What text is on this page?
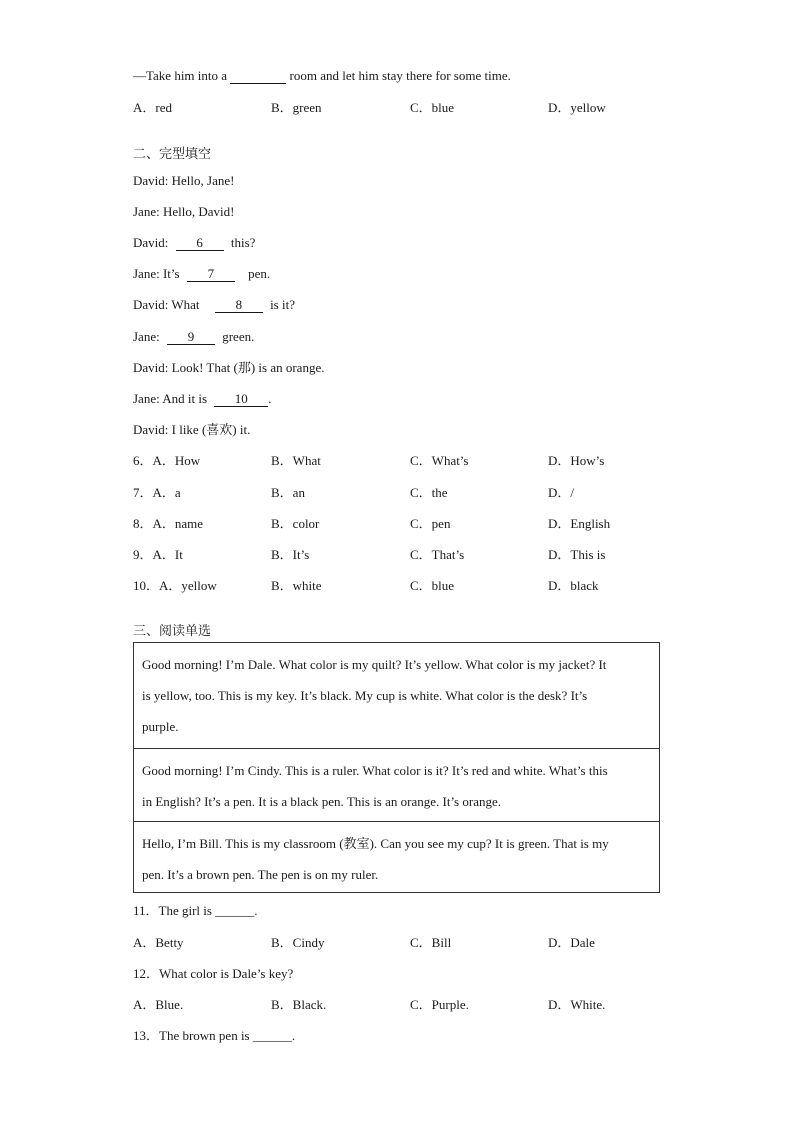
—Take him into a	room and let him stay there for some time.
A．red	B．green	C．blue	D．yellow
二、完型填空
David: Hello, Jane!
Jane: Hello, David!
David: 6 this?
Jane: It’s 7	pen.
David: What	8 is it?
Jane: 9 green.
David: Look! That (那) is an orange.
Jane: And it is 10 .
David: I like (喜欢) it.
6．A．How	B．What	C．What’s	D．How’s
7．A．a	B．an	C．the	D．/
8．A．name	B．color	C．pen	D．English
9．A．It	B．It’s	C．That’s	D．This is
10．A．yellow	B．white	C．blue	D．black
三、阅读单选
Good morning! I’m Dale. What color is my quilt? It’s yellow. What color is my jacket? It
is yellow, too. This is my key. It’s black. My cup is white. What color is the desk? It’s
purple.
Good morning! I’m Cindy. This is a ruler. What color is it? It’s red and white. What’s this
in English? It’s a pen. It is a black pen. This is an orange. It’s orange.
Hello, I’m Bill. This is my classroom (教室). Can you see my cup? It is green. That is my
pen. It’s a brown pen. The pen is on my ruler.
11．The girl is ______.
A．Betty	B．Cindy	C．Bill	D．Dale
12．What color is Dale’s key?
A．Blue.	B．Black.	C．Purple.	D．White.
13．The brown pen is ______.
